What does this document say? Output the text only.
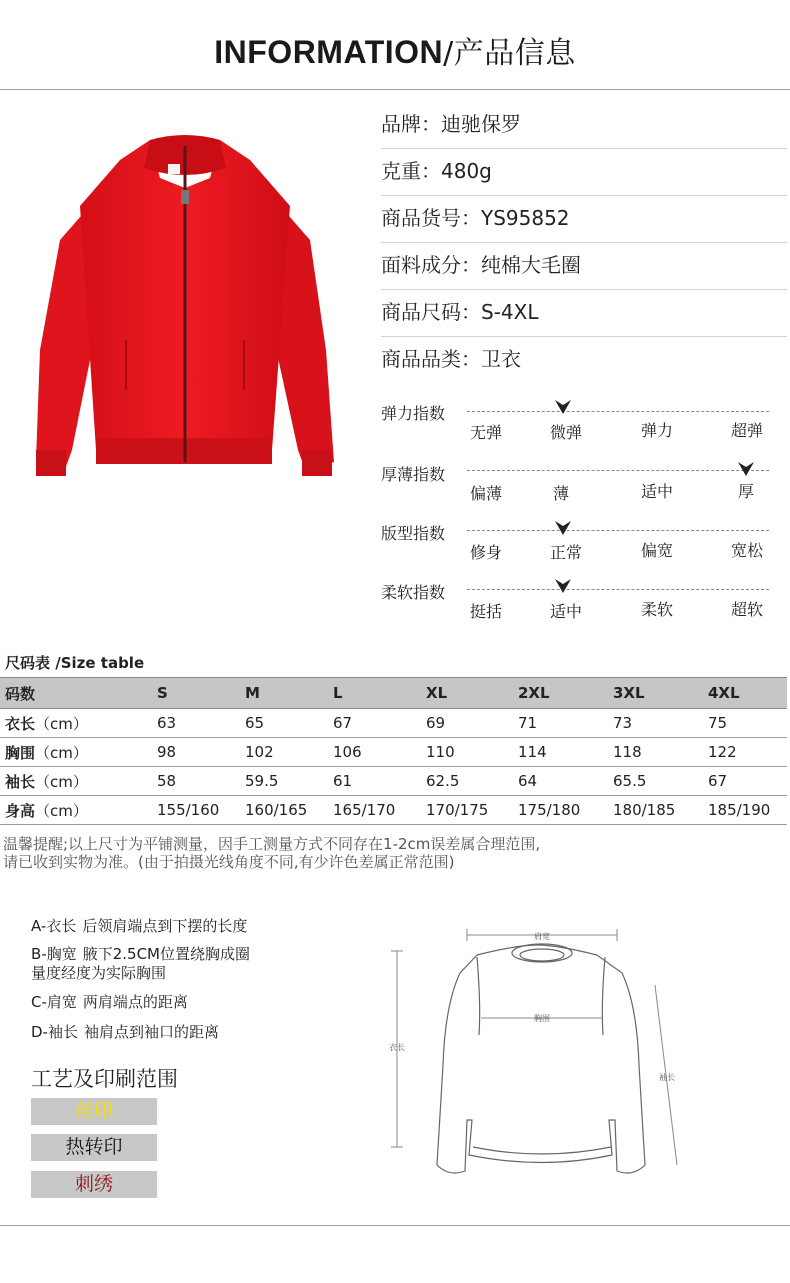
INFORMATION/产品信息
品牌：迪驰保罗
克重：480g
商品货号：YS95852
面料成分：纯棉大毛圈
商品尺码：S-4XL
商品品类：卫衣
弹力指数
无弹	微弹	弹力	超弹
厚薄指数
偏薄	薄	适中	厚
版型指数
修身	正常	偏宽	宽松
柔软指数
挺括	适中	柔软	超软
尺码表 /Size table
码数	S	M	L	XL	2XL	3XL	4XL
衣长（cm）	63	65	67	69	71	73	75
胸围（cm）	98	102	106	110	114	118	122
袖长（cm）	58	59.5	61	62.5	64	65.5	67
身高（cm）	155/160	160/165	165/170	170/175	175/180	180/185	185/190
温馨提醒;以上尺寸为平铺测量，因手工测量方式不同存在1-2cm误差属合理范围,
请已收到实物为准。(由于拍摄光线角度不同,有少许色差属正常范围)
A-衣长 后领肩端点到下摆的长度
B-胸宽 腋下2.5CM位置绕胸成圈
量度经度为实际胸围
C-肩宽 两肩端点的距离
D-袖长 袖肩点到袖口的距离
工艺及印刷范围
丝印
热转印
刺绣
肩宽
胸围
衣长
袖长
